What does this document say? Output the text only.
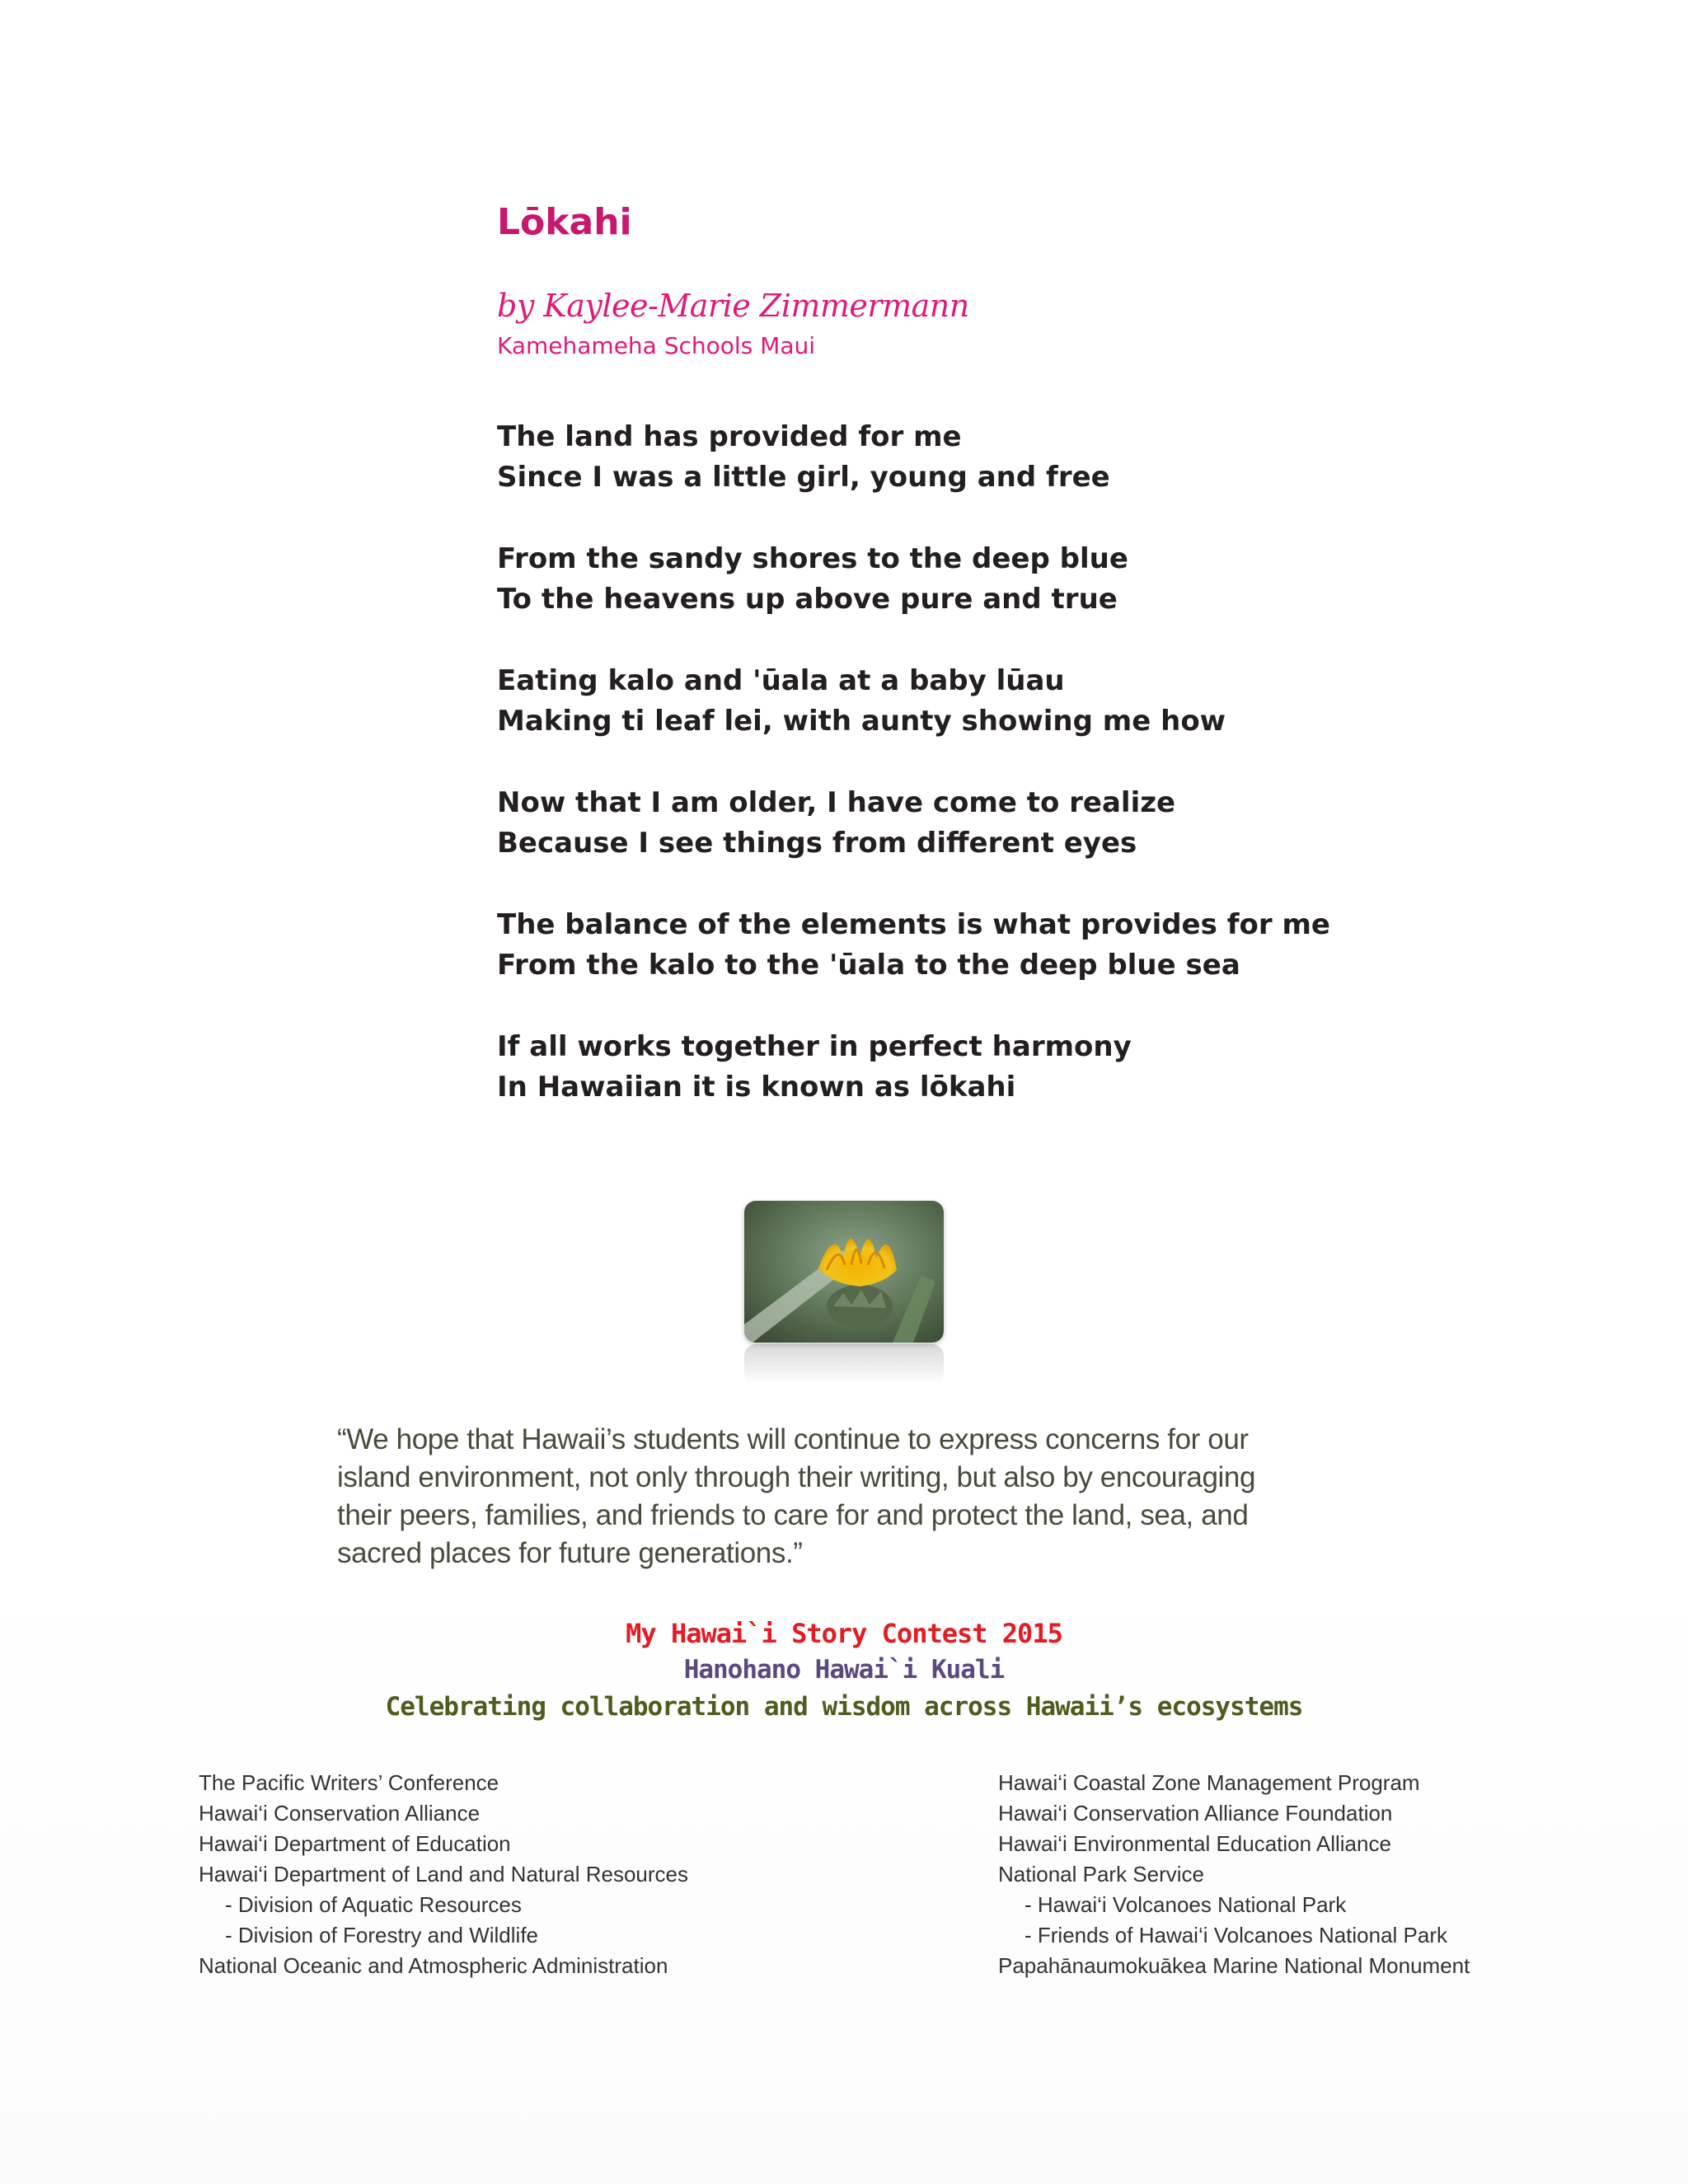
Lōkahi
by Kaylee-Marie Zimmermann
Kamehameha Schools Maui
The land has provided for me
Since I was a little girl, young and free
From the sandy shores to the deep blue
To the heavens up above pure and true
Eating kalo and 'ūala at a baby lūau
Making ti leaf lei, with aunty showing me how
Now that I am older, I have come to realize
Because I see things from different eyes
The balance of the elements is what provides for me
From the kalo to the 'ūala to the deep blue sea
If all works together in perfect harmony
In Hawaiian it is known as lōkahi
“We hope that Hawaii’s students will continue to express concerns for our island environment, not only through their writing, but also by encouraging their peers, families, and friends to care for and protect the land, sea, and sacred places for future generations.”
My Hawai`i Story Contest 2015
Hanohano Hawai`i Kuali
Celebrating collaboration and wisdom across Hawaii’s ecosystems
The Pacific Writers’ Conference
Hawai‘i Conservation Alliance
Hawai‘i Department of Education
Hawai‘i Department of Land and Natural Resources
- Division of Aquatic Resources
- Division of Forestry and Wildlife
National Oceanic and Atmospheric Administration
Hawai‘i Coastal Zone Management Program
Hawai‘i Conservation Alliance Foundation
Hawai‘i Environmental Education Alliance
National Park Service
- Hawai‘i Volcanoes National Park
- Friends of Hawai‘i Volcanoes National Park
Papahānaumokuākea Marine National Monument
